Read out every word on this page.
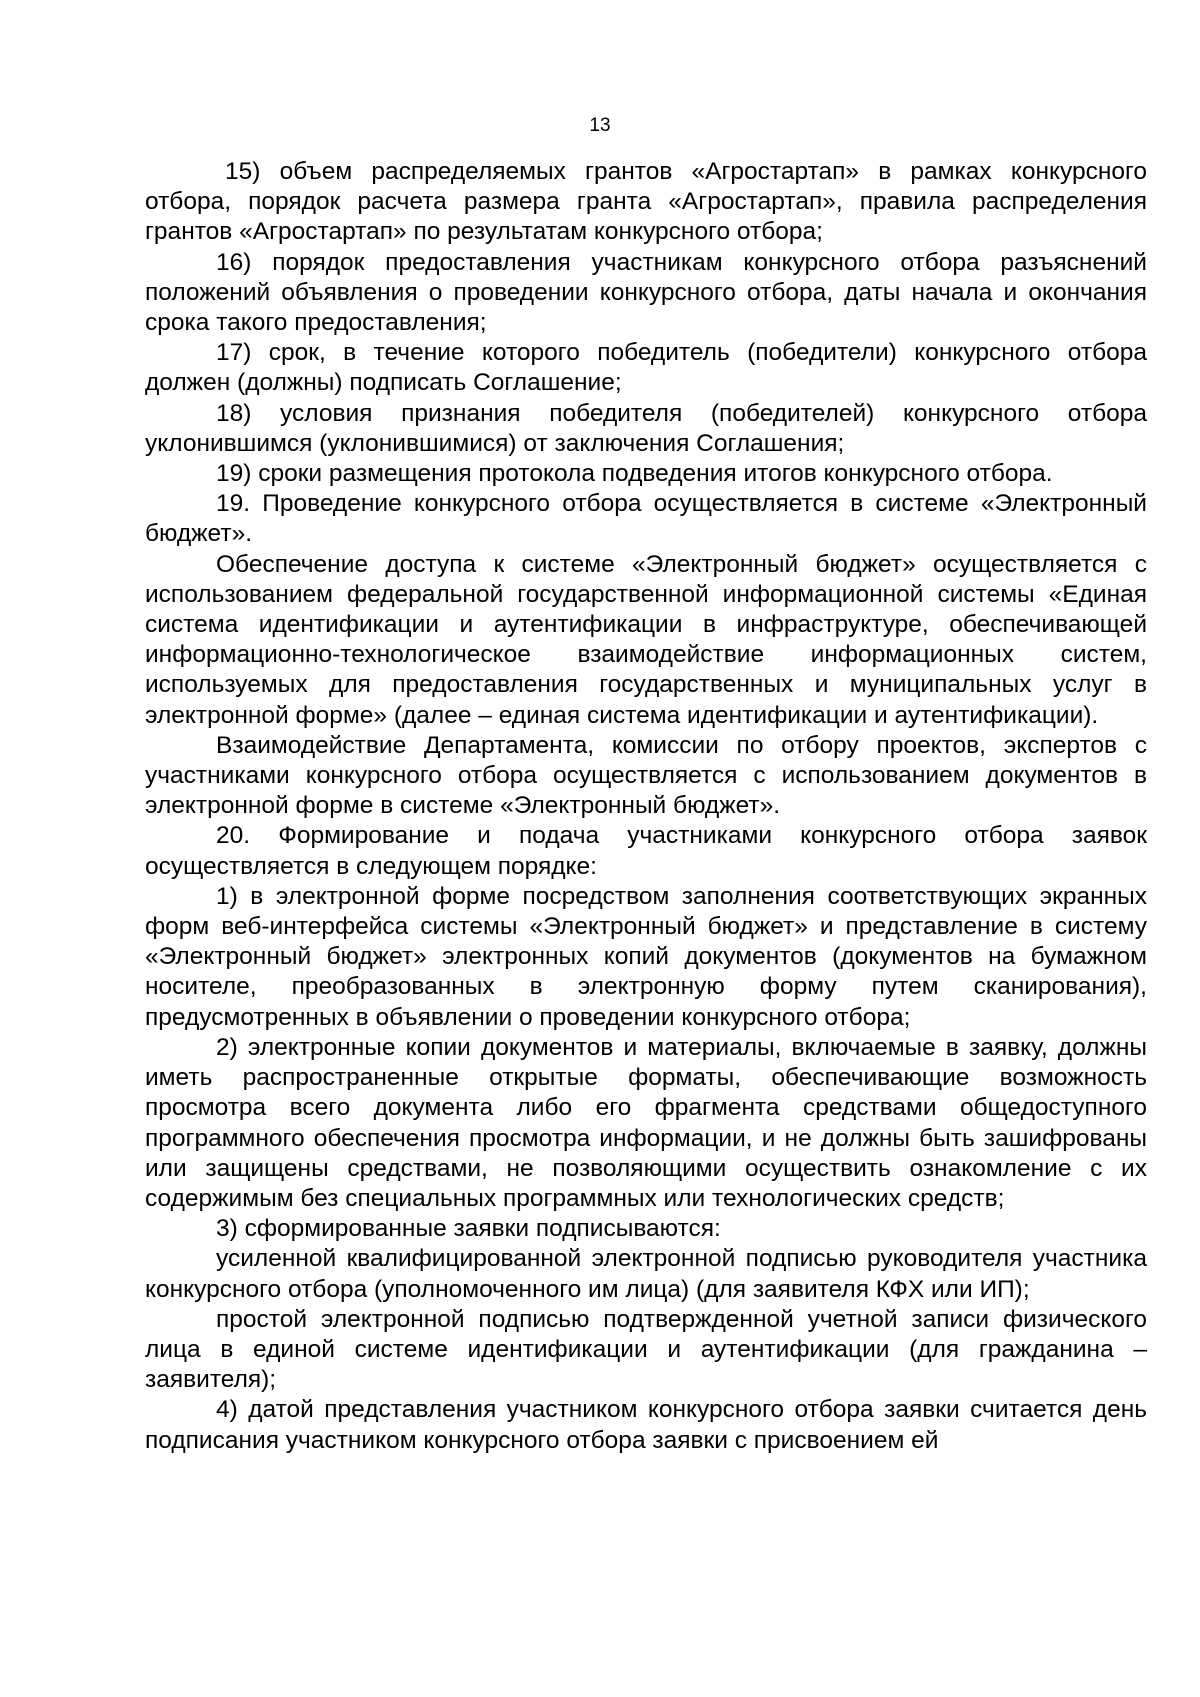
13

15) объем распределяемых грантов «Агростартап» в рамках конкурсного отбора, порядок расчета размера гранта «Агростартап», правила распределения грантов «Агростартап» по результатам конкурсного отбора;

16) порядок предоставления участникам конкурсного отбора разъяснений положений объявления о проведении конкурсного отбора, даты начала и окончания срока такого предоставления;

17) срок, в течение которого победитель (победители) конкурсного отбора должен (должны) подписать Соглашение;

18) условия признания победителя (победителей) конкурсного отбора уклонившимся (уклонившимися) от заключения Соглашения;

19) сроки размещения протокола подведения итогов конкурсного отбора.

19. Проведение конкурсного отбора осуществляется в системе «Электронный бюджет».

Обеспечение доступа к системе «Электронный бюджет» осуществляется с использованием федеральной государственной информационной системы «Единая система идентификации и аутентификации в инфраструктуре, обеспечивающей информационно-технологическое взаимодействие информационных систем, используемых для предоставления государственных и муниципальных услуг в электронной форме» (далее – единая система идентификации и аутентификации).

Взаимодействие Департамента, комиссии по отбору проектов, экспертов с участниками конкурсного отбора осуществляется с использованием документов в электронной форме в системе «Электронный бюджет».

20. Формирование и подача участниками конкурсного отбора заявок осуществляется в следующем порядке:

1) в электронной форме посредством заполнения соответствующих экранных форм веб-интерфейса системы «Электронный бюджет» и представление в систему «Электронный бюджет» электронных копий документов (документов на бумажном носителе, преобразованных в электронную форму путем сканирования), предусмотренных в объявлении о проведении конкурсного отбора;

2) электронные копии документов и материалы, включаемые в заявку, должны иметь распространенные открытые форматы, обеспечивающие возможность просмотра всего документа либо его фрагмента средствами общедоступного программного обеспечения просмотра информации, и не должны быть зашифрованы или защищены средствами, не позволяющими осуществить ознакомление с их содержимым без специальных программных или технологических средств;

3) сформированные заявки подписываются:

усиленной квалифицированной электронной подписью руководителя участника конкурсного отбора (уполномоченного им лица) (для заявителя КФХ или ИП);

простой электронной подписью подтвержденной учетной записи физического лица в единой системе идентификации и аутентификации (для гражданина – заявителя);

4) датой представления участником конкурсного отбора заявки считается день подписания участником конкурсного отбора заявки с присвоением ей
